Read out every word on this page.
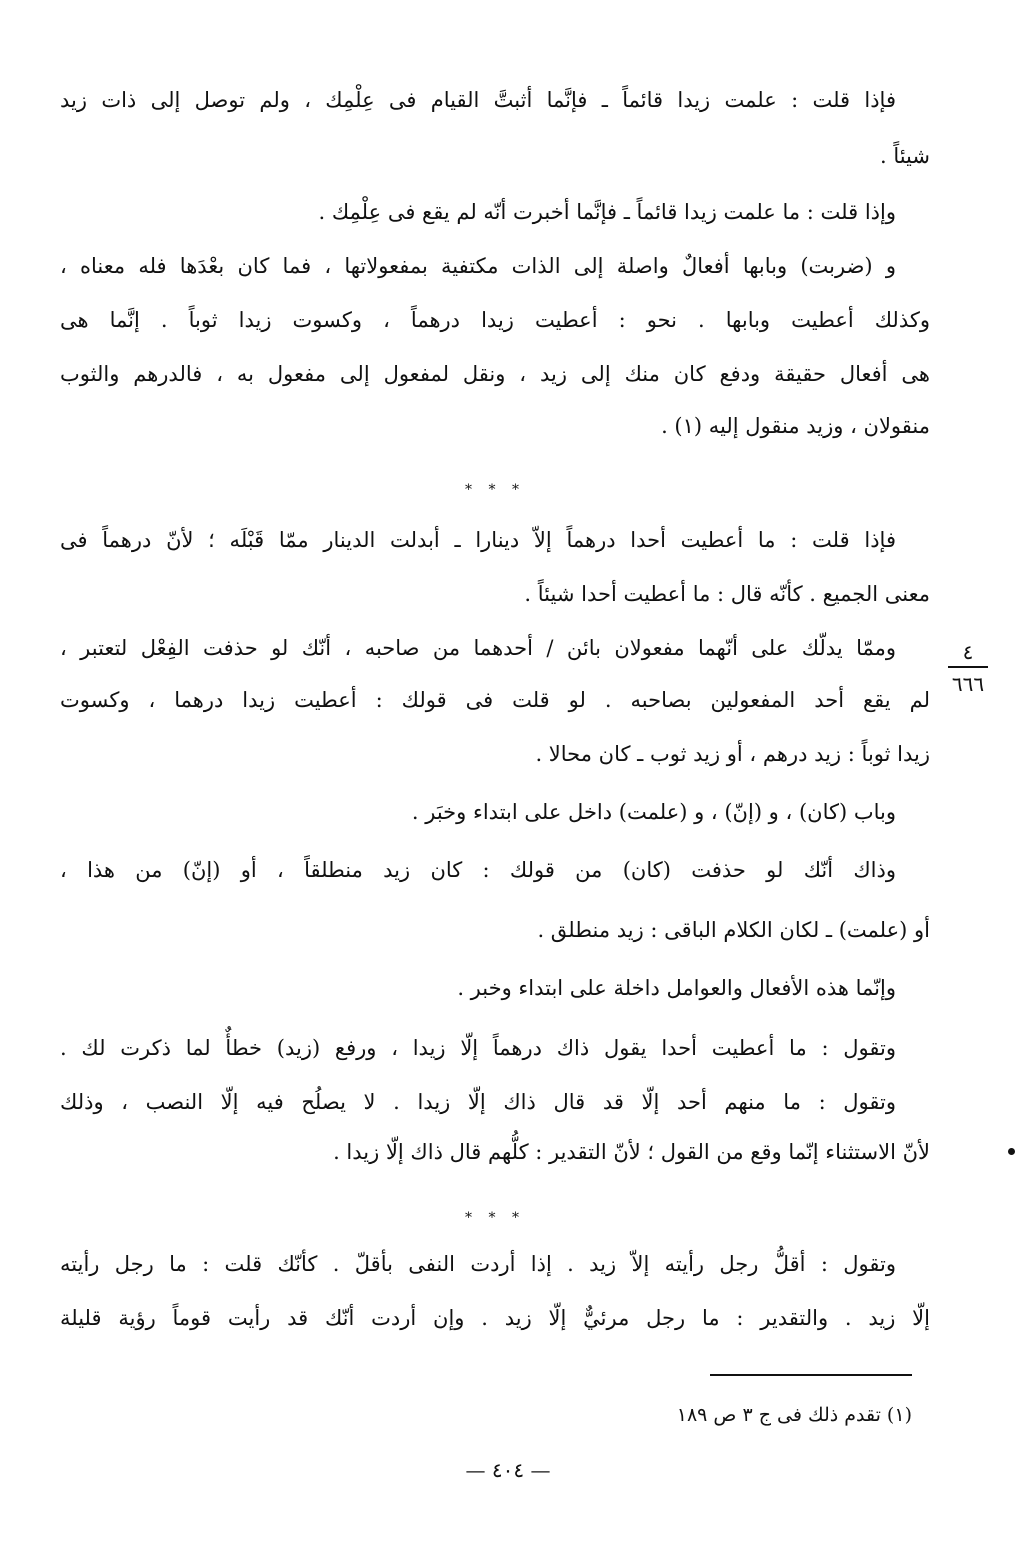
فإذا قلت : علمت زيدا قائماً ـ فإنَّما أثبتَّ القيام فى عِلْمِك ، ولم توصل إلى ذات زيد

شيئاً .

وإذا قلت : ما علمت زيدا قائماً ـ فإنَّما أخبرت أنّه لم يقع فى عِلْمِك .

و (ضربت) وبابها أفعالٌ واصلة إلى الذات مكتفية بمفعولاتها ، فما كان بعْدَها فله معناه ،

وكذلك أعطيت وبابها . نحو : أعطيت زيدا درهماً ، وكسوت زيدا ثوباً . إنَّما هى

هى أفعال حقيقة ودفع كان منك إلى زيد ، ونقل لمفعول إلى مفعول به ، فالدرهم والثوب

منقولان ، وزيد منقول إليه (١) .

* * *

فإذا قلت : ما أعطيت أحدا درهماً إلاّ دينارا ـ أبدلت الدينار ممّا قَبْلَه ؛ لأنّ درهماً فى

معنى الجميع . كأنّه قال : ما أعطيت أحدا شيئاً .

وممّا يدلّك على أنّهما مفعولان بائن / أحدهما من صاحبه ، أنّك لو حذفت الفِعْل لتعتبر ،

لم يقع أحد المفعولين بصاحبه . لو قلت فى قولك : أعطيت زيدا درهما ، وكسوت

زيدا ثوباً : زيد درهم ، أو زيد ثوب ـ كان محالا .

وباب (كان) ، و (إنّ) ، و (علمت) داخل على ابتداء وخبَر .

وذاك أنّك لو حذفت (كان) من قولك : كان زيد منطلقاً ، أو (إنّ) من هذا ،

أو (علمت) ـ لكان الكلام الباقى : زيد منطلق .

وإنّما هذه الأفعال والعوامل داخلة على ابتداء وخبر .

وتقول : ما أعطيت أحدا يقول ذاك درهماً إلّا زيدا ، ورفع (زيد) خطأٌ لما ذكرت لك .

وتقول : ما منهم أحد إلّا قد قال ذاك إلّا زيدا . لا يصلُح فيه إلّا النصب ، وذلك

لأنّ الاستثناء إنّما وقع من القول ؛ لأنّ التقدير : كلُّهم قال ذاك إلّا زيدا .

* * *

وتقول : أقلُّ رجل رأيته إلاّ زيد . إذا أردت النفى بأقلّ . كأنّك قلت : ما رجل رأيته

إلّا زيد . والتقدير : ما رجل مرئيٌّ إلّا زيد . وإن أردت أنّك قد رأيت قوماً رؤية قليلة

٤
٦٦٦
(١) تقدم ذلك فى ج ٣ ص ١٨٩
— ٤٠٤ —
